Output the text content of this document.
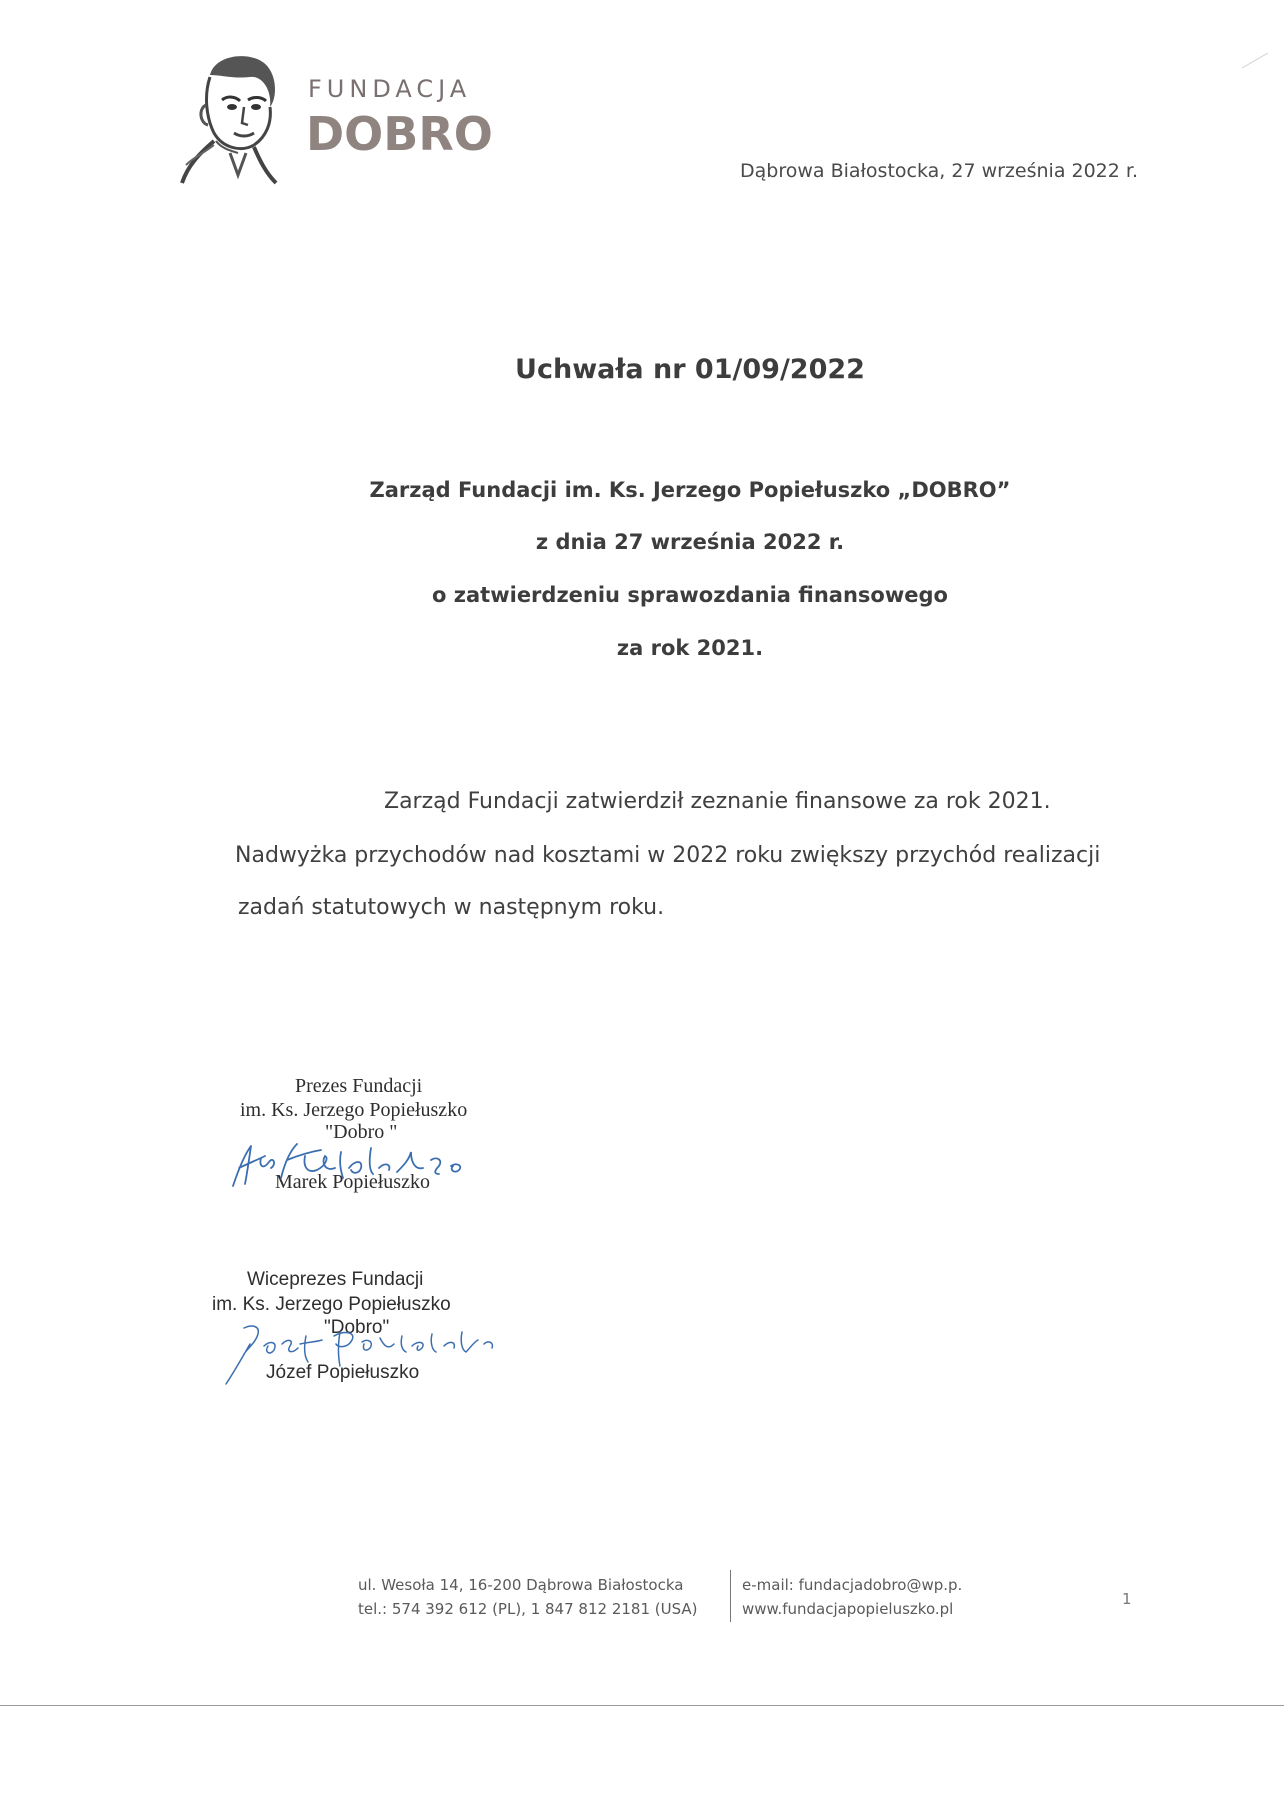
FUNDACJA
DOBRO
Dąbrowa Białostocka, 27 września 2022 r.
Uchwała nr 01/09/2022
Zarząd Fundacji im. Ks. Jerzego Popiełuszko „DOBRO”
z dnia 27 września 2022 r.
o zatwierdzeniu sprawozdania finansowego
za rok 2021.
Zarząd Fundacji zatwierdził zeznanie finansowe za rok 2021.
Nadwyżka przychodów nad kosztami w 2022 roku zwiększy przychód realizacji
zadań statutowych w następnym roku.
Prezes Fundacji
im. Ks. Jerzego Popiełuszko
"Dobro "
Marek Popiełuszko
Wiceprezes Fundacji
im. Ks. Jerzego Popiełuszko
"Dobro"
Józef Popiełuszko
ul. Wesoła 14, 16-200 Dąbrowa Białostocka
tel.: 574 392 612 (PL), 1 847 812 2181 (USA)
e-mail: fundacjadobro@wp.p.
www.fundacjapopieluszko.pl
1
